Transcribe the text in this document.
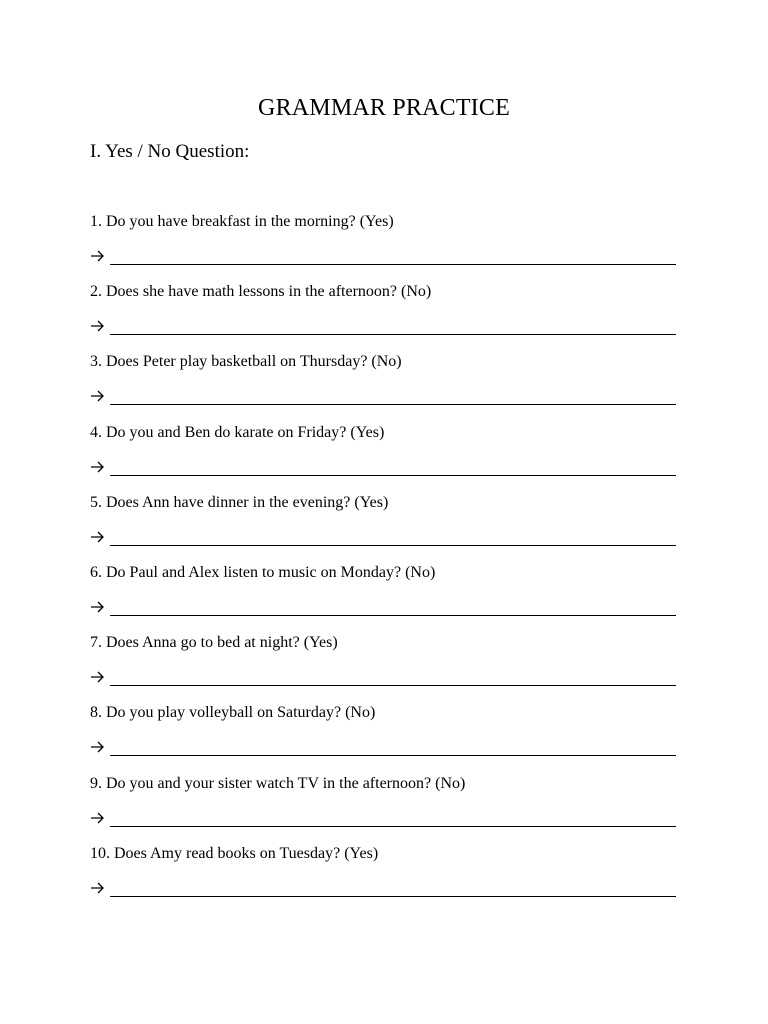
GRAMMAR PRACTICE
I. Yes / No Question:
1. Do you have breakfast in the morning? (Yes)
2. Does she have math lessons in the afternoon? (No)
3. Does Peter play basketball on Thursday? (No)
4. Do you and Ben do karate on Friday? (Yes)
5. Does Ann have dinner in the evening? (Yes)
6. Do Paul and Alex listen to music on Monday? (No)
7. Does Anna go to bed at night? (Yes)
8. Do you play volleyball on Saturday? (No)
9. Do you and your sister watch TV in the afternoon? (No)
10. Does Amy read books on Tuesday? (Yes)
